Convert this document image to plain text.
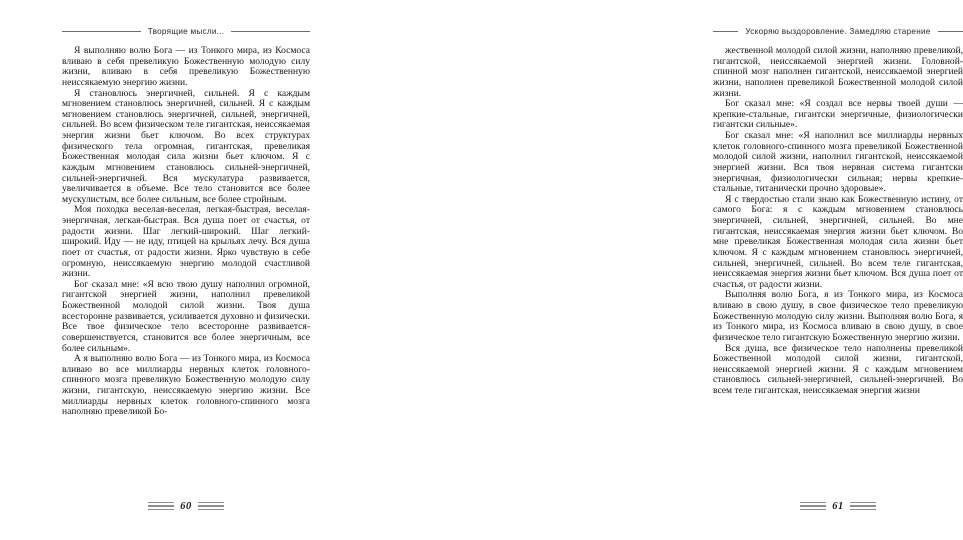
Творящие мысли...

Я выполняю волю Бога — из Тонкого мира, из Космоса вливаю в себя превеликую Божественную молодую силу жизни, вливаю в себя превеликую Божественную неиссякаемую энергию жизни.

Я становлюсь энергичней, сильней. Я с каждым мгновением становлюсь энергичней, сильней. Я с каждым мгновением становлюсь энергичней, сильней, энергичней, сильней. Во всем физическом теле гигантская, неиссякаемая энергия жизни бьет ключом. Во всех структурах физического тела огромная, гигантская, превеликая Божественная молодая сила жизни бьет ключом. Я с каждым мгновением становлюсь сильней-энергичней, сильней-энергичней. Вся мускулатура развивается, увеличивается в объеме. Все тело становится все более мускулистым, все более сильным, все более стройным.

Моя походка веселая-веселая, легкая-быстрая, веселая-энергичная, легкая-быстрая. Вся душа поет от счастья, от радости жизни. Шаг легкий-широкий. Шаг легкий-широкий. Иду — не иду, птицей на крыльях лечу. Вся душа поет от счастья, от радости жизни. Ярко чувствую в себе огромную, неиссякаемую энергию молодой счастливой жизни.

Бог сказал мне: «Я всю твою душу наполнил огромной, гигантской энергией жизни, наполнил превеликой Божественной молодой силой жизни. Твоя душа всесторонне развивается, усиливается духовно и физически. Все твое физическое тело всесторонне развивается-совершенствуется, становится все более энергичным, все более сильным».

А я выполняю волю Бога — из Тонкого мира, из Космоса вливаю во все миллиарды нервных клеток головного-спинного мозга превеликую Божественную молодую силу жизни, гигантскую, неиссякаемую энергию жизни. Все миллиарды нервных клеток головного-спинного мозга наполняю превеликой Бо-

60
Ускоряю выздоровление. Замедляю старение

жественной молодой силой жизни, наполняю превеликой, гигантской, неиссякаемой энергией жизни. Головной-спинной мозг наполнен гигантской, неиссякаемой энергией жизни, наполнен превеликой Божественной молодой силой жизни.

Бог сказал мне: «Я создал все нервы твоей души — крепкие-стальные, гигантски энергичные, физиологически гигантски сильные».

Бог сказал мне: «Я наполнил все миллиарды нервных клеток головного-спинного мозга превеликой Божественной молодой силой жизни, наполнил гигантской, неиссякаемой энергией жизни. Вся твоя нервная система гигантски энергичная, физиологически сильная; нервы крепкие-стальные, титанически прочно здоровые».

Я с твердостью стали знаю как Божественную истину, от самого Бога: я с каждым мгновением становлюсь энергичней, сильней, энергичней, сильней. Во мне гигантская, неиссякаемая энергия жизни бьет ключом. Во мне превеликая Божественная молодая сила жизни бьет ключом. Я с каждым мгновением становлюсь энергичней, сильней, энергичней, сильней. Во всем теле гигантская, неиссякаемая энергия жизни бьет ключом. Вся душа поет от счастья, от радости жизни.

Выполняя волю Бога, я из Тонкого мира, из Космоса вливаю в свою душу, в свое физическое тело превеликую Божественную молодую силу жизни. Выполняя волю Бога, я из Тонкого мира, из Космоса вливаю в свою душу, в свое физическое тело гигантскую Божественную энергию жизни.

Вся душа, все физическое тело наполнены превеликой Божественной молодой силой жизни, гигантской, неиссякаемой энергией жизни. Я с каждым мгновением становлюсь сильней-энергичней, сильней-энергичней. Во всем теле гигантская, неиссякаемая энергия жизни

61
